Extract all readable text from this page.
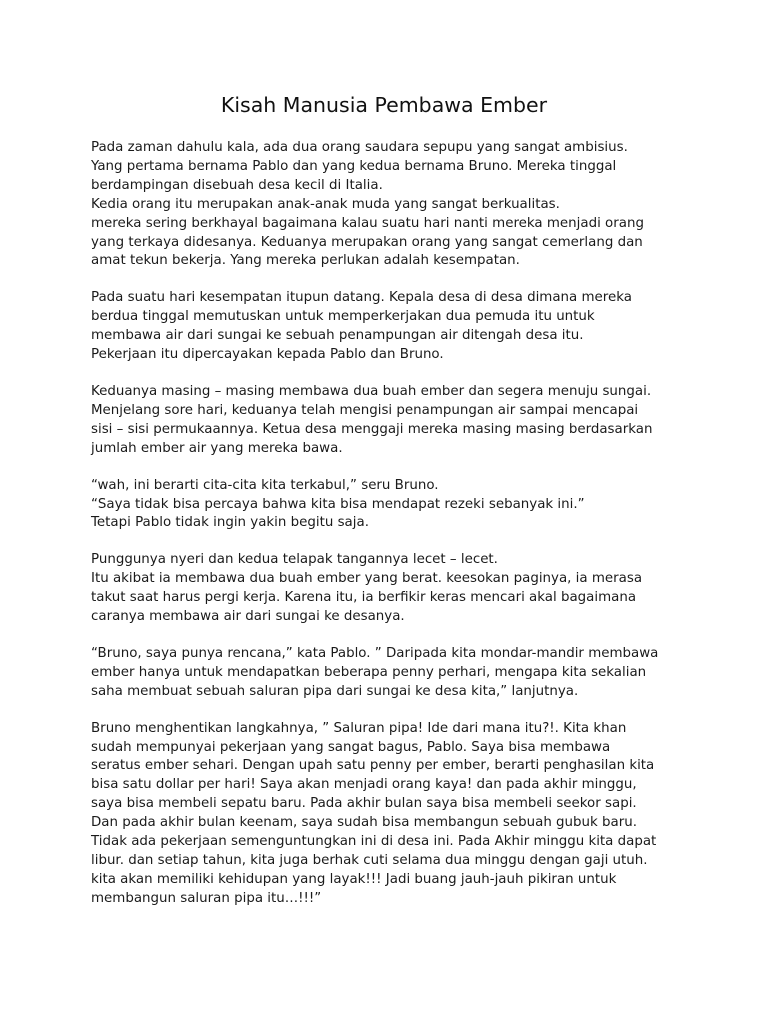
Kisah Manusia Pembawa Ember

Pada zaman dahulu kala, ada dua orang saudara sepupu yang sangat ambisius.
Yang pertama bernama Pablo dan yang kedua bernama Bruno. Mereka tinggal
berdampingan disebuah desa kecil di Italia.
Kedia orang itu merupakan anak-anak muda yang sangat berkualitas.
mereka sering berkhayal bagaimana kalau suatu hari nanti mereka menjadi orang
yang terkaya didesanya. Keduanya merupakan orang yang sangat cemerlang dan
amat tekun bekerja. Yang mereka perlukan adalah kesempatan.

Pada suatu hari kesempatan itupun datang. Kepala desa di desa dimana mereka
berdua tinggal memutuskan untuk memperkerjakan dua pemuda itu untuk
membawa air dari sungai ke sebuah penampungan air ditengah desa itu.
Pekerjaan itu dipercayakan kepada Pablo dan Bruno.

Keduanya masing – masing membawa dua buah ember dan segera menuju sungai.
Menjelang sore hari, keduanya telah mengisi penampungan air sampai mencapai
sisi – sisi permukaannya. Ketua desa menggaji mereka masing masing berdasarkan
jumlah ember air yang mereka bawa.

“wah, ini berarti cita-cita kita terkabul,” seru Bruno.
“Saya tidak bisa percaya bahwa kita bisa mendapat rezeki sebanyak ini.”
Tetapi Pablo tidak ingin yakin begitu saja.

Punggunya nyeri dan kedua telapak tangannya lecet – lecet.
Itu akibat ia membawa dua buah ember yang berat. keesokan paginya, ia merasa
takut saat harus pergi kerja. Karena itu, ia berfikir keras mencari akal bagaimana
caranya membawa air dari sungai ke desanya.

“Bruno, saya punya rencana,” kata Pablo. ” Daripada kita mondar-mandir membawa
ember hanya untuk mendapatkan beberapa penny perhari, mengapa kita sekalian
saha membuat sebuah saluran pipa dari sungai ke desa kita,” lanjutnya.

Bruno menghentikan langkahnya, ” Saluran pipa! Ide dari mana itu?!. Kita khan
sudah mempunyai pekerjaan yang sangat bagus, Pablo. Saya bisa membawa
seratus ember sehari. Dengan upah satu penny per ember, berarti penghasilan kita
bisa satu dollar per hari! Saya akan menjadi orang kaya! dan pada akhir minggu,
saya bisa membeli sepatu baru. Pada akhir bulan saya bisa membeli seekor sapi.
Dan pada akhir bulan keenam, saya sudah bisa membangun sebuah gubuk baru.
Tidak ada pekerjaan semenguntungkan ini di desa ini. Pada Akhir minggu kita dapat
libur. dan setiap tahun, kita juga berhak cuti selama dua minggu dengan gaji utuh.
kita akan memiliki kehidupan yang layak!!! Jadi buang jauh-jauh pikiran untuk
membangun saluran pipa itu…!!!”
